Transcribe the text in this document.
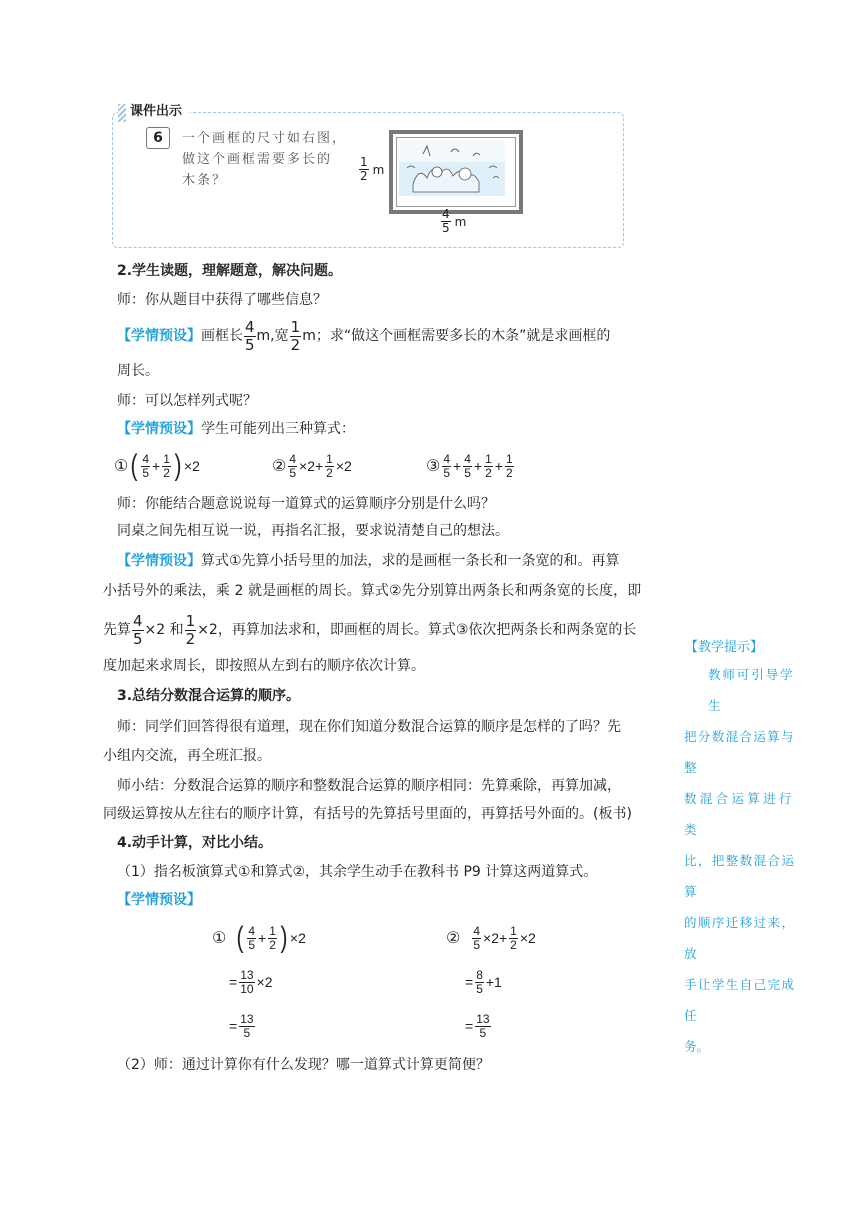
课件出示
6	一个画框的尺寸如右图，
做这个画框需要多长的
木条？	$\frac{1}{2}$ m
$\frac{4}{5}$ m
2.学生读题，理解题意，解决问题。
师：你从题目中获得了哪些信息？
【学情预设】 画框长 $\frac{4}{5} m$,宽 $\frac{1}{2}$ m；求“做这个画框需要多长的木条”就是求画框的
周长。
师：可以怎样列式呢？
【学情预设】学生可能列出三种算式：
① ( $\frac{4}{5} + \frac{1}{2}$ ) ×2	② $\frac{4}{5} \times 2+ \frac{1}{2} \times 2$	③ $\frac{4}{5} + \frac{4}{5} + \frac{1}{2} + \frac{1}{2}$
师：你能结合题意说说每一道算式的运算顺序分别是什么吗？
同桌之间先相互说一说，再指名汇报，要求说清楚自己的想法。
【学情预设】算式①先算小括号里的加法，求的是画框一条长和一条宽的和。再算
小括号外的乘法，乘 2 就是画框的周长。算式②先分别算出两条长和两条宽的长度，即
先算 $\frac{4}{5} \times 2$ 和 $\frac{1}{2} \times 2$，再算加法求和，即画框的周长。算式③依次把两条长和两条宽的长
度加起来求周长，即按照从左到右的顺序依次计算。
3.总结分数混合运算的顺序。
师：同学们回答得很有道理，现在你们知道分数混合运算的顺序是怎样的了吗？先
小组内交流，再全班汇报。
师小结：分数混合运算的顺序和整数混合运算的顺序相同：先算乘除，再算加减，
同级运算按从左往右的顺序计算，有括号的先算括号里面的，再算括号外面的。(板书)
4.动手计算，对比小结。
（1）指名板演算式①和算式②，其余学生动手在教科书 P9 计算这两道算式。
【学情预设】
① ( $\frac{4}{5} + \frac{1}{2}$ ) ×2
= $\frac{13}{10} \times 2$
= $\frac{13}{5}$
② $\frac{4}{5} \times 2+ \frac{1}{2} \times 2$
= $\frac{8}{5} +1$
= $\frac{13}{5}$
（2）师：通过计算你有什么发现？哪一道算式计算更简便？
【教学提示】
教师可引导学生
把分数混合运算与整
数混合运算进行类
比，把整数混合运算
的顺序迁移过来，放
手让学生自己完成任
务。
